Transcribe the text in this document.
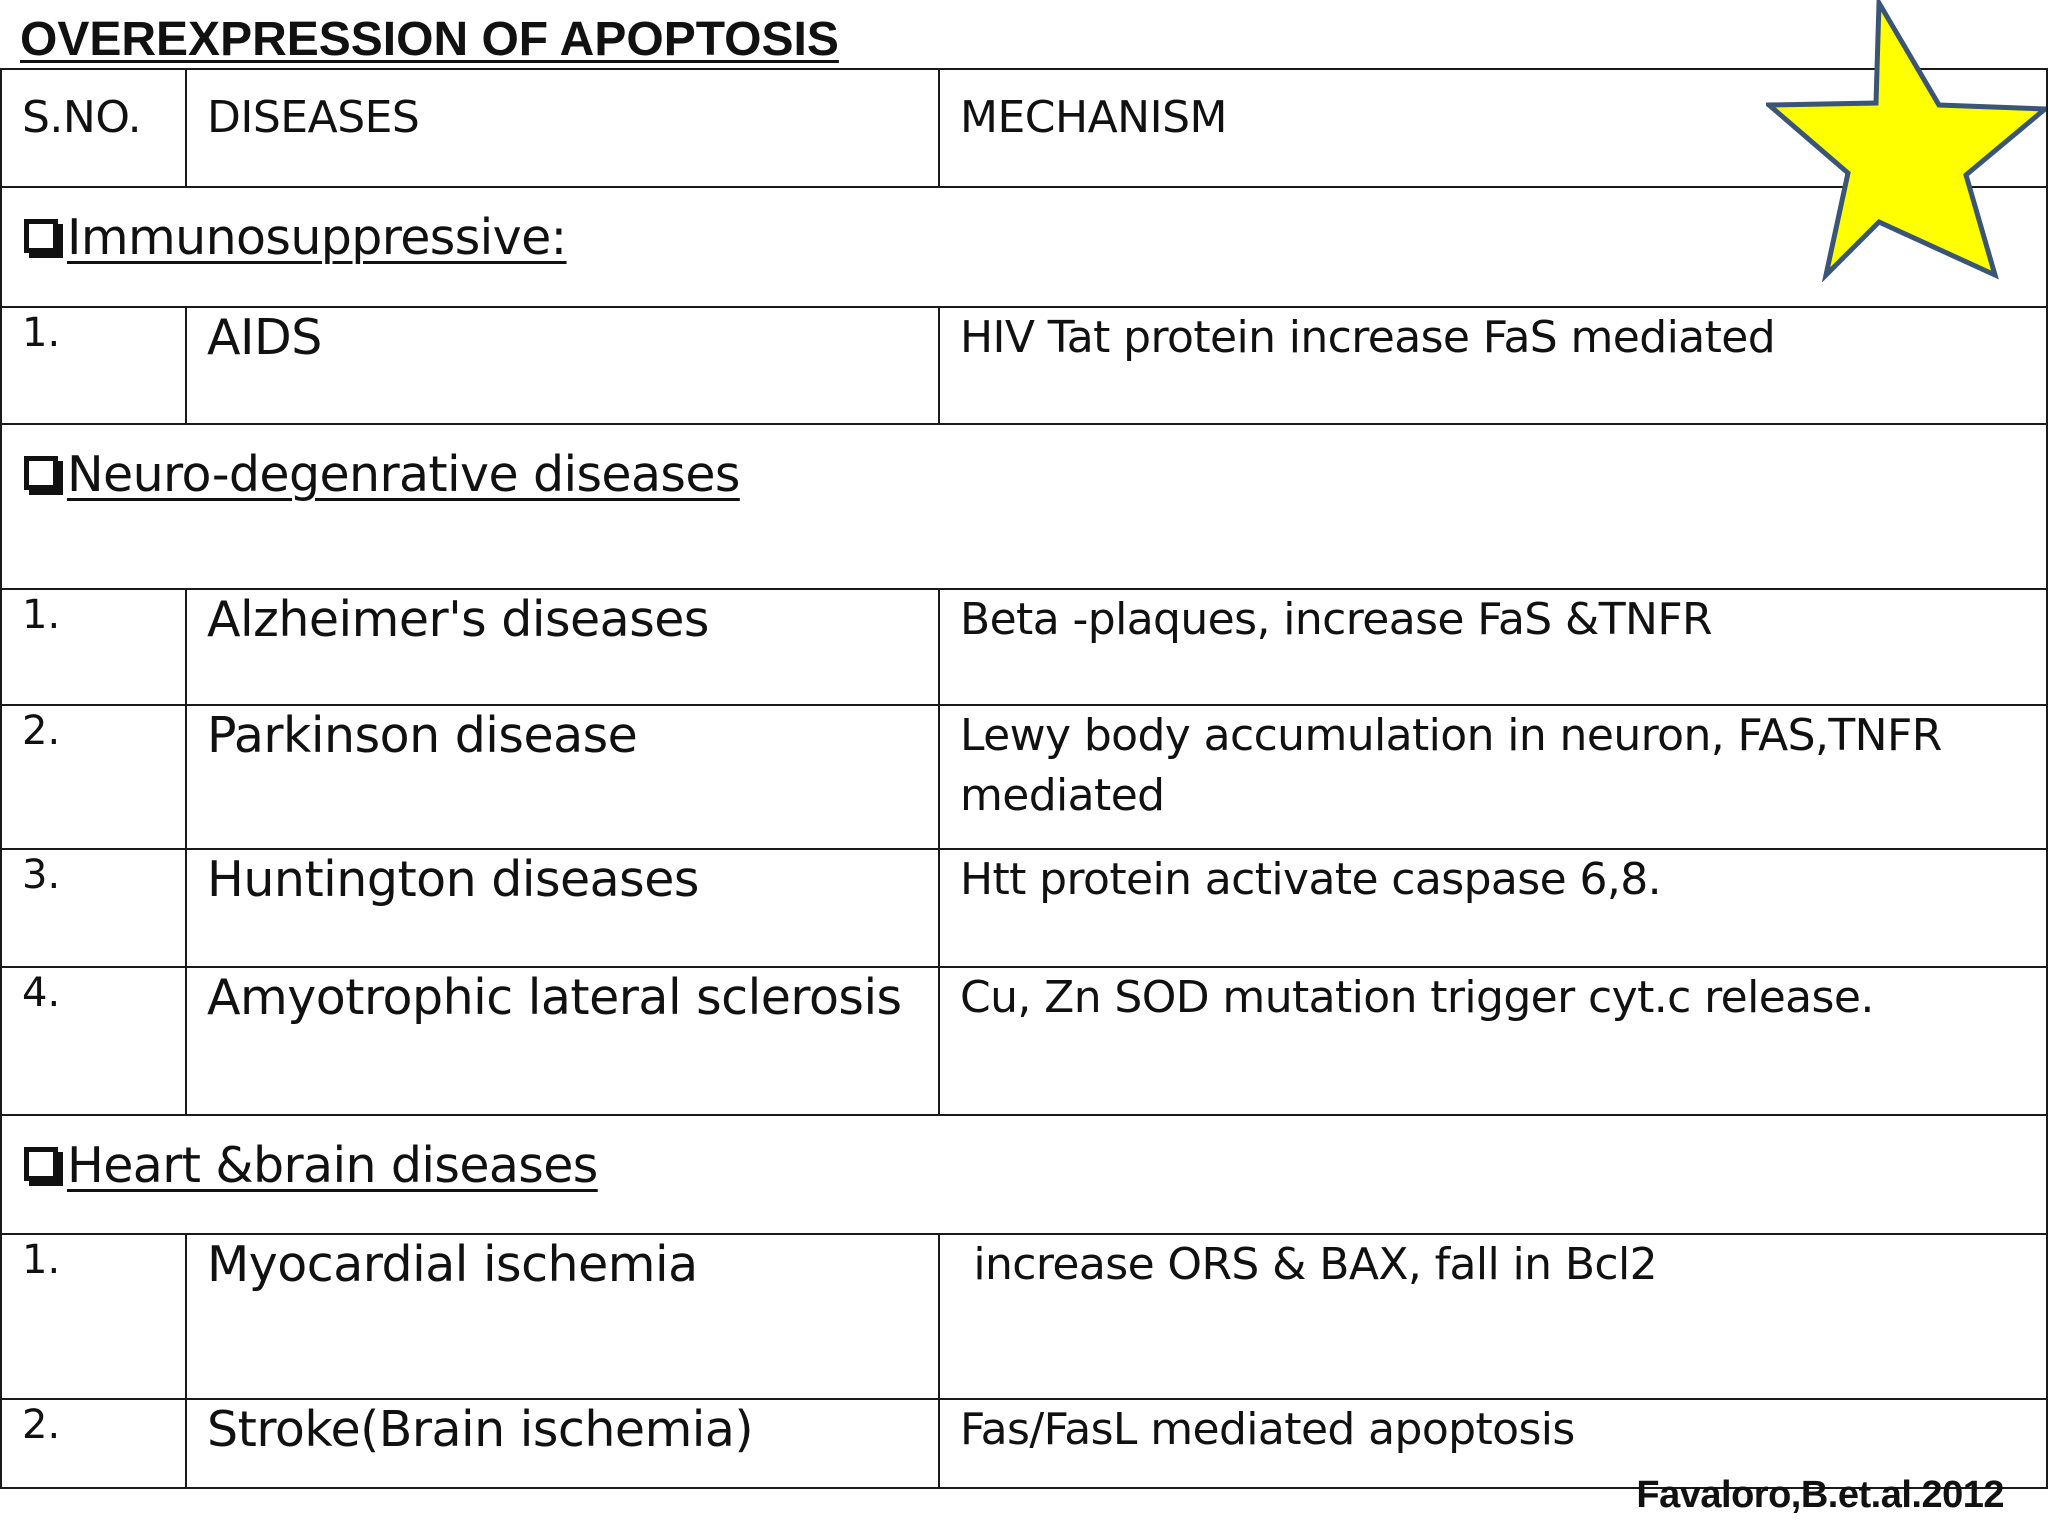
OVEREXPRESSION OF APOPTOSIS
S.NO.	DISEASES	MECHANISM

Immunosuppressive:		

1.	AIDS	HIV Tat protein increase FaS mediated

Neuro-degenrative diseases		

1.	Alzheimer's diseases	Beta -plaques, increase FaS &TNFR
2.	Parkinson disease	Lewy body accumulation in neuron, FAS,TNFR mediated
3.	Huntington diseases	Htt protein activate caspase 6,8.
4.	Amyotrophic lateral sclerosis	Cu, Zn SOD mutation trigger cyt.c release.

Heart &brain diseases		

1.	Myocardial ischemia	increase ORS & BAX, fall in Bcl2
2.	Stroke(Brain ischemia)	Fas/FasL mediated apoptosis
Favaloro,B.et.al.2012
